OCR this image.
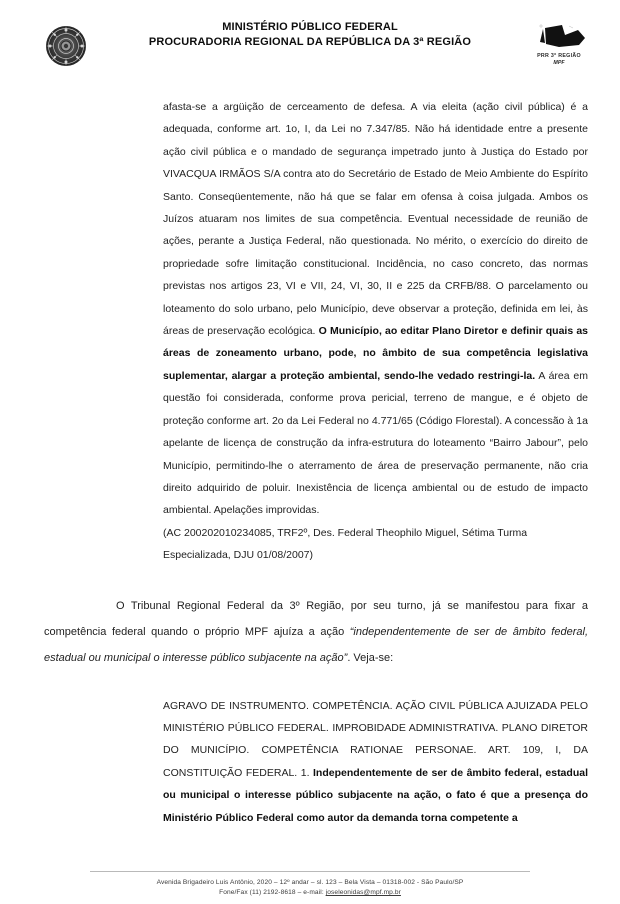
MINISTÉRIO PÚBLICO FEDERAL
PROCURADORIA REGIONAL DA REPÚBLICA DA 3ª REGIÃO
PRR 3ª REGIÃO
MPF

afasta-se a argüição de cerceamento de defesa. A via eleita (ação civil pública) é a adequada, conforme art. 1o, I, da Lei no 7.347/85. Não há identidade entre a presente ação civil pública e o mandado de segurança impetrado junto à Justiça do Estado por VIVACQUA IRMÃOS S/A contra ato do Secretário de Estado de Meio Ambiente do Espírito Santo. Conseqüentemente, não há que se falar em ofensa à coisa julgada. Ambos os Juízos atuaram nos limites de sua competência. Eventual necessidade de reunião de ações, perante a Justiça Federal, não questionada. No mérito, o exercício do direito de propriedade sofre limitação constitucional. Incidência, no caso concreto, das normas previstas nos artigos 23, VI e VII, 24, VI, 30, II e 225 da CRFB/88. O parcelamento ou loteamento do solo urbano, pelo Município, deve observar a proteção, definida em lei, às áreas de preservação ecológica. O Município, ao editar Plano Diretor e definir quais as áreas de zoneamento urbano, pode, no âmbito de sua competência legislativa suplementar, alargar a proteção ambiental, sendo-lhe vedado restringi-la. A área em questão foi considerada, conforme prova pericial, terreno de mangue, e é objeto de proteção conforme art. 2o da Lei Federal no 4.771/65 (Código Florestal). A concessão à 1a apelante de licença de construção da infra-estrutura do loteamento “Bairro Jabour”, pelo Município, permitindo-lhe o aterramento de área de preservação permanente, não cria direito adquirido de poluir. Inexistência de licença ambiental ou de estudo de impacto ambiental. Apelações improvidas.

(AC 200202010234085, TRF2º, Des. Federal Theophilo Miguel, Sétima Turma Especializada, DJU 01/08/2007)

O Tribunal Regional Federal da 3º Região, por seu turno, já se manifestou para fixar a competência federal quando o próprio MPF ajuíza a ação “independentemente de ser de âmbito federal, estadual ou municipal o interesse público subjacente na ação”. Veja-se:

AGRAVO DE INSTRUMENTO. COMPETÊNCIA. AÇÃO CIVIL PÚBLICA AJUIZADA PELO MINISTÉRIO PÚBLICO FEDERAL. IMPROBIDADE ADMINISTRATIVA. PLANO DIRETOR DO MUNICÍPIO. COMPETÊNCIA RATIONAE PERSONAE. ART. 109, I, DA CONSTITUIÇÃO FEDERAL. 1. Independentemente de ser de âmbito federal, estadual ou municipal o interesse público subjacente na ação, o fato é que a presença do Ministério Público Federal como autor da demanda torna competente a

Avenida Brigadeiro Luis Antônio, 2020 – 12º andar – sl. 123 – Bela Vista – 01318-002 - São Paulo/SP
Fone/Fax (11) 2192-8618 – e-mail: joseleonidas@mpf.mp.br
